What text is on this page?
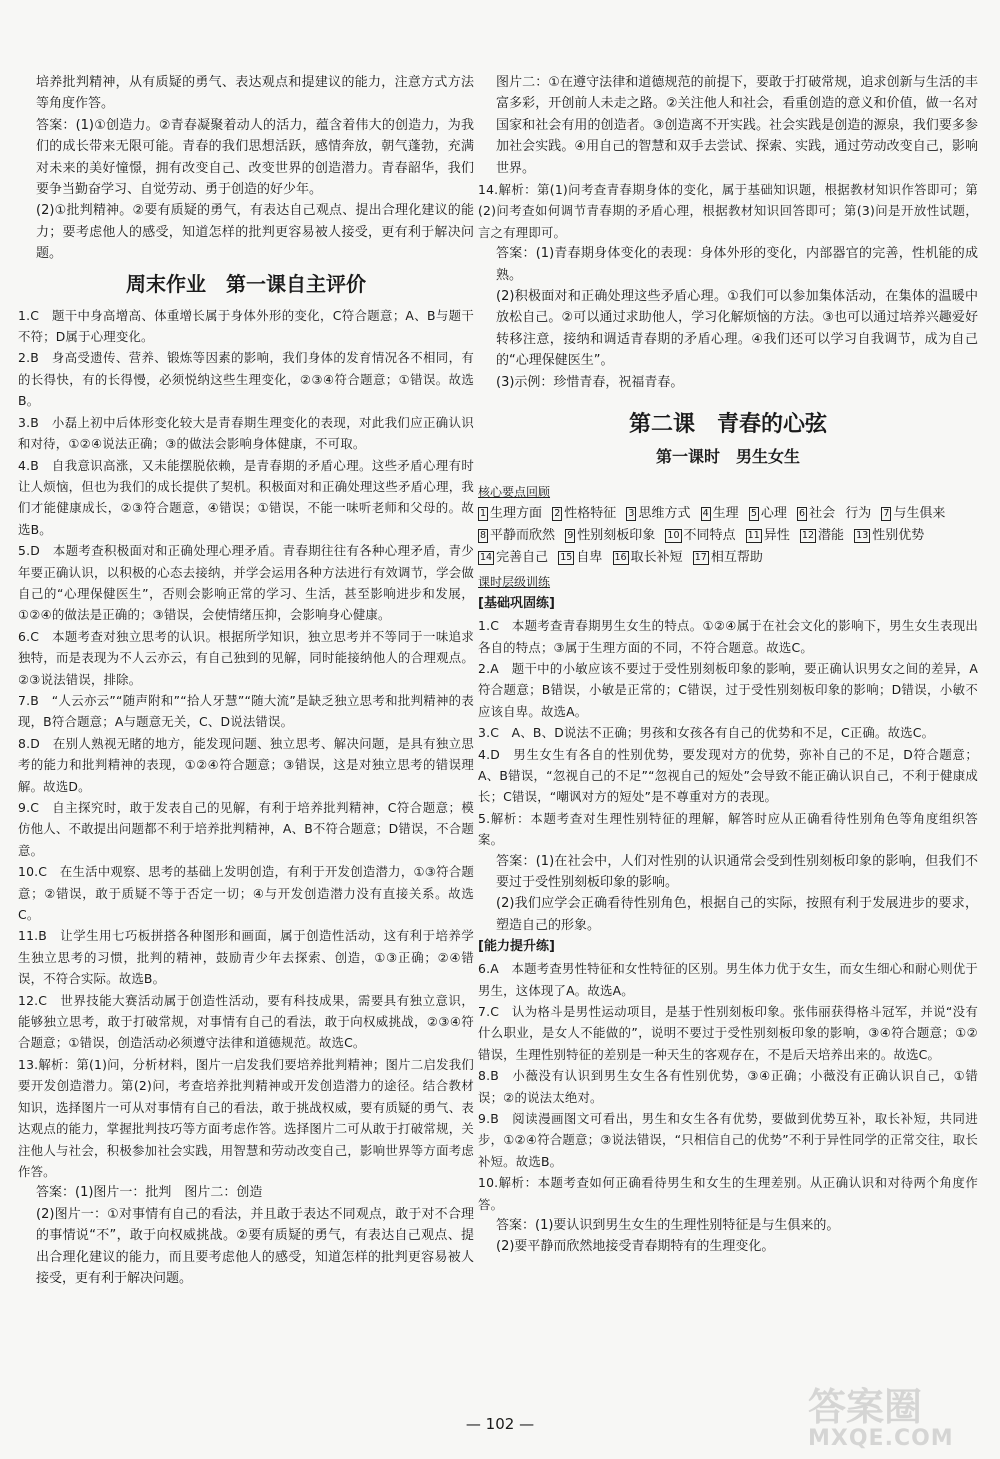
培养批判精神，从有质疑的勇气、表达观点和提建议的能力，注意方式方法等角度作答。

答案：(1)①创造力。②青春凝聚着动人的活力，蕴含着伟大的创造力，为我们的成长带来无限可能。青春的我们思想活跃，感情奔放，朝气蓬勃，充满对未来的美好憧憬，拥有改变自己、改变世界的创造潜力。青春韶华，我们要争当勤奋学习、自觉劳动、勇于创造的好少年。

(2)①批判精神。②要有质疑的勇气，有表达自己观点、提出合理化建议的能力；要考虑他人的感受，知道怎样的批判更容易被人接受，更有利于解决问题。

周末作业　第一课自主评价

1.C　题干中身高增高、体重增长属于身体外形的变化，C符合题意；A、B与题干不符；D属于心理变化。

2.B　身高受遗传、营养、锻炼等因素的影响，我们身体的发育情况各不相同，有的长得快，有的长得慢，必须悦纳这些生理变化，②③④符合题意；①错误。故选B。

3.B　小磊上初中后体形变化较大是青春期生理变化的表现，对此我们应正确认识和对待，①②④说法正确；③的做法会影响身体健康，不可取。

4.B　自我意识高涨，又未能摆脱依赖，是青春期的矛盾心理。这些矛盾心理有时让人烦恼，但也为我们的成长提供了契机。积极面对和正确处理这些矛盾心理，我们才能健康成长，②③符合题意，④错误；①错误，不能一味听老师和父母的。故选B。

5.D　本题考查积极面对和正确处理心理矛盾。青春期往往有各种心理矛盾，青少年要正确认识，以积极的心态去接纳，并学会运用各种方法进行有效调节，学会做自己的“心理保健医生”，否则会影响正常的学习、生活，甚至影响进步和发展，①②④的做法是正确的；③错误，会使情绪压抑，会影响身心健康。

6.C　本题考查对独立思考的认识。根据所学知识，独立思考并不等同于一味追求独特，而是表现为不人云亦云，有自己独到的见解，同时能接纳他人的合理观点。②③说法错误，排除。

7.B　“人云亦云”“随声附和”“拾人牙慧”“随大流”是缺乏独立思考和批判精神的表现，B符合题意；A与题意无关，C、D说法错误。

8.D　在别人熟视无睹的地方，能发现问题、独立思考、解决问题，是具有独立思考的能力和批判精神的表现，①②④符合题意；③错误，这是对独立思考的错误理解。故选D。

9.C　自主探究时，敢于发表自己的见解，有利于培养批判精神，C符合题意；模仿他人、不敢提出问题都不利于培养批判精神，A、B不符合题意；D错误，不合题意。

10.C　在生活中观察、思考的基础上发明创造，有利于开发创造潜力，①③符合题意；②错误，敢于质疑不等于否定一切；④与开发创造潜力没有直接关系。故选C。

11.B　让学生用七巧板拼搭各种图形和画面，属于创造性活动，这有利于培养学生独立思考的习惯，批判的精神，鼓励青少年去探索、创造，①③正确；②④错误，不符合实际。故选B。

12.C　世界技能大赛活动属于创造性活动，要有科技成果，需要具有独立意识，能够独立思考，敢于打破常规，对事情有自己的看法，敢于向权威挑战，②③④符合题意；①错误，创造活动必须遵守法律和道德规范。故选C。

13.解析：第(1)问，分析材料，图片一启发我们要培养批判精神；图片二启发我们要开发创造潜力。第(2)问，考查培养批判精神或开发创造潜力的途径。结合教材知识，选择图片一可从对事情有自己的看法，敢于挑战权威，要有质疑的勇气、表达观点的能力，掌握批判技巧等方面考虑作答。选择图片二可从敢于打破常规，关注他人与社会，积极参加社会实践，用智慧和劳动改变自己，影响世界等方面考虑作答。

答案：(1)图片一：批判　图片二：创造

(2)图片一：①对事情有自己的看法，并且敢于表达不同观点，敢于对不合理的事情说“不”，敢于向权威挑战。②要有质疑的勇气，有表达自己观点、提出合理化建议的能力，而且要考虑他人的感受，知道怎样的批判更容易被人接受，更有利于解决问题。

图片二：①在遵守法律和道德规范的前提下，要敢于打破常规，追求创新与生活的丰富多彩，开创前人未走之路。②关注他人和社会，看重创造的意义和价值，做一名对国家和社会有用的创造者。③创造离不开实践。社会实践是创造的源泉，我们要多参加社会实践。④用自己的智慧和双手去尝试、探索、实践，通过劳动改变自己，影响世界。

14.解析：第(1)问考查青春期身体的变化，属于基础知识题，根据教材知识作答即可；第(2)问考查如何调节青春期的矛盾心理，根据教材知识回答即可；第(3)问是开放性试题，言之有理即可。

答案：(1)青春期身体变化的表现：身体外形的变化，内部器官的完善，性机能的成熟。

(2)积极面对和正确处理这些矛盾心理。①我们可以参加集体活动，在集体的温暖中放松自己。②可以通过求助他人，学习化解烦恼的方法。③也可以通过培养兴趣爱好转移注意，接纳和调适青春期的矛盾心理。④我们还可以学习自我调节，成为自己的“心理保健医生”。

(3)示例：珍惜青春，祝福青春。

第二课　青春的心弦
第一课时　男生女生
核心要点回顾
1 生理方面 2 性格特征 3 思维方式 4 生理 5 心理 6 社会 行为 7 与生俱来 8 平静而欣然 9 性别刻板印象 10 不同特点 11 异性 12 潜能 13 性别优势 14 完善自己 15 自卑 16 取长补短 17 相互帮助
课时层级训练
[基础巩固练]

1.C　本题考查青春期男生女生的特点。①②④属于在社会文化的影响下，男生女生表现出各自的特点；③属于生理方面的不同，不符合题意。故选C。

2.A　题干中的小敏应该不要过于受性别刻板印象的影响，要正确认识男女之间的差异，A符合题意；B错误，小敏是正常的；C错误，过于受性别刻板印象的影响；D错误，小敏不应该自卑。故选A。

3.C　A、B、D说法不正确；男孩和女孩各有自己的优势和不足，C正确。故选C。

4.D　男生女生有各自的性别优势，要发现对方的优势，弥补自己的不足，D符合题意；A、B错误，“忽视自己的不足”“忽视自己的短处”会导致不能正确认识自己，不利于健康成长；C错误，“嘲讽对方的短处”是不尊重对方的表现。

5.解析：本题考查对生理性别特征的理解，解答时应从正确看待性别角色等角度组织答案。

答案：(1)在社会中，人们对性别的认识通常会受到性别刻板印象的影响，但我们不要过于受性别刻板印象的影响。

(2)我们应学会正确看待性别角色，根据自己的实际，按照有利于发展进步的要求，塑造自己的形象。

[能力提升练]

6.A　本题考查男性特征和女性特征的区别。男生体力优于女生，而女生细心和耐心则优于男生，这体现了A。故选A。

7.C　认为格斗是男性运动项目，是基于性别刻板印象。张伟丽获得格斗冠军，并说“没有什么职业，是女人不能做的”，说明不要过于受性别刻板印象的影响，③④符合题意；①②错误，生理性别特征的差别是一种天生的客观存在，不是后天培养出来的。故选C。

8.B　小薇没有认识到男生女生各有性别优势，③④正确；小薇没有正确认识自己，①错误；②的说法太绝对。

9.B　阅读漫画图文可看出，男生和女生各有优势，要做到优势互补，取长补短，共同进步，①②④符合题意；③说法错误，“只相信自己的优势”不利于异性同学的正常交往，取长补短。故选B。

10.解析：本题考查如何正确看待男生和女生的生理差别。从正确认识和对待两个角度作答。

答案：(1)要认识到男生女生的生理性别特征是与生俱来的。

(2)要平静而欣然地接受青春期特有的生理变化。

— 102 —	答案圈
MXQE.COM
